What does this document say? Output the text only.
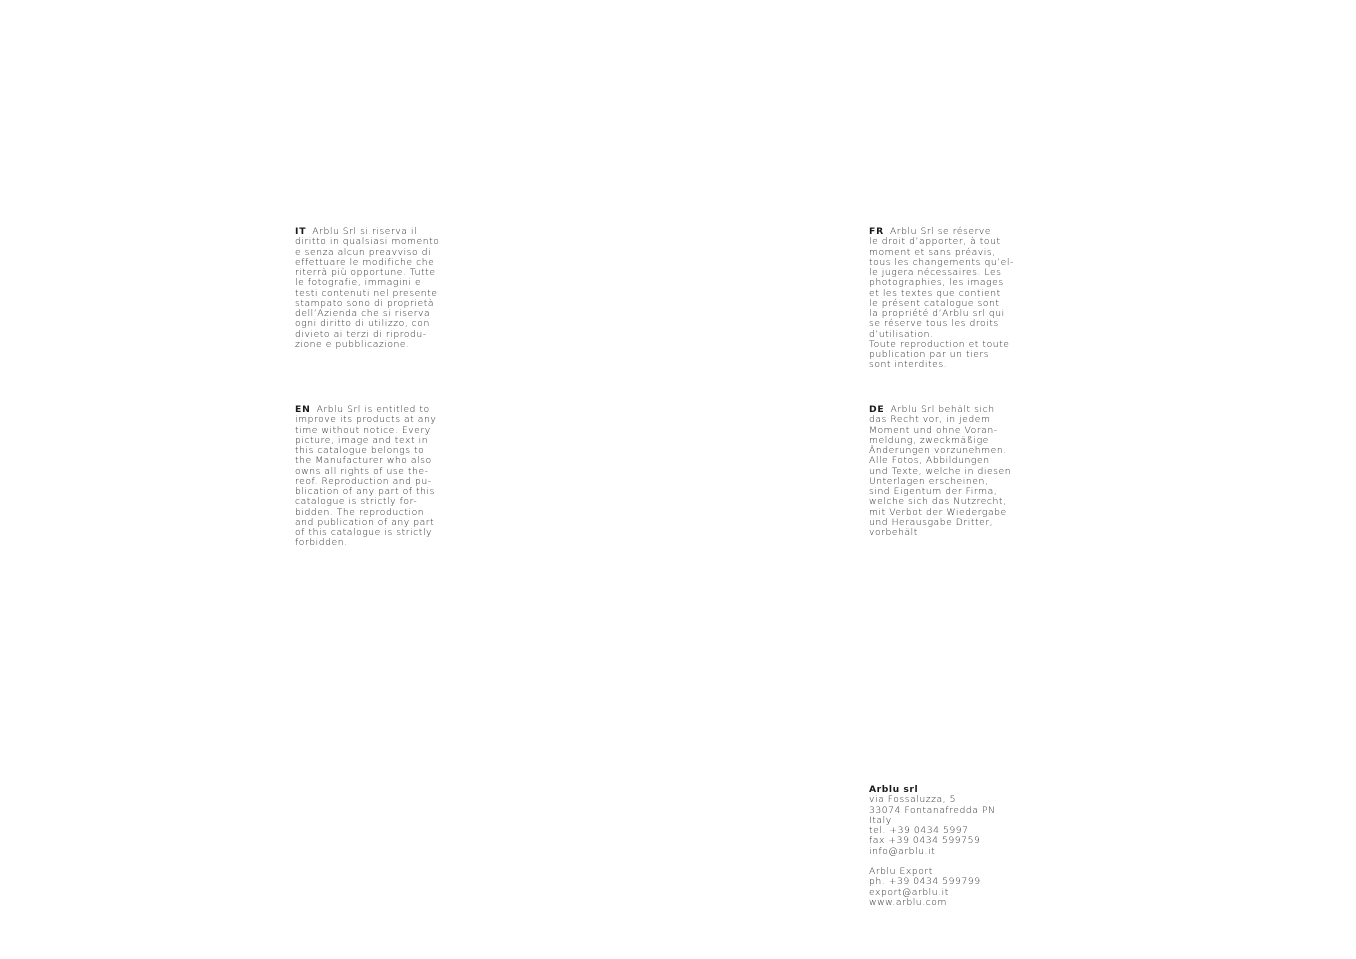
IT Arblu Srl si riserva il
diritto in qualsiasi momento
e senza alcun preavviso di
effettuare le modifiche che
riterrà più opportune. Tutte
le fotografie, immagini e
testi contenuti nel presente
stampato sono di proprietà
dell’Azienda che si riserva
ogni diritto di utilizzo, con
divieto ai terzi di riprodu-
zione e pubblicazione.
EN Arblu Srl is entitled to
improve its products at any
time without notice. Every
picture, image and text in
this catalogue belongs to
the Manufacturer who also
owns all rights of use the-
reof. Reproduction and pu-
blication of any part of this
catalogue is strictly for-
bidden. The reproduction
and publication of any part
of this catalogue is strictly
forbidden.
FR Arblu Srl se réserve
le droit d’apporter, à tout
moment et sans préavis,
tous les changements qu’el-
le jugera nécessaires. Les
photographies, les images
et les textes que contient
le présent catalogue sont
la propriété d’Arblu srl qui
se réserve tous les droits
d’utilisation.
Toute reproduction et toute
publication par un tiers
sont interdites.
DE Arblu Srl behält sich
das Recht vor, in jedem
Moment und ohne Voran-
meldung, zweckmäßige
Änderungen vorzunehmen.
Alle Fotos, Abbildungen
und Texte, welche in diesen
Unterlagen erscheinen,
sind Eigentum der Firma,
welche sich das Nutzrecht,
mit Verbot der Wiedergabe
und Herausgabe Dritter,
vorbehält
Arblu srl
via Fossaluzza, 5
33074 Fontanafredda PN
Italy
tel. +39 0434 5997
fax +39 0434 599759
info@arblu.it
Arblu Export
ph. +39 0434 599799
export@arblu.it
www.arblu.com
